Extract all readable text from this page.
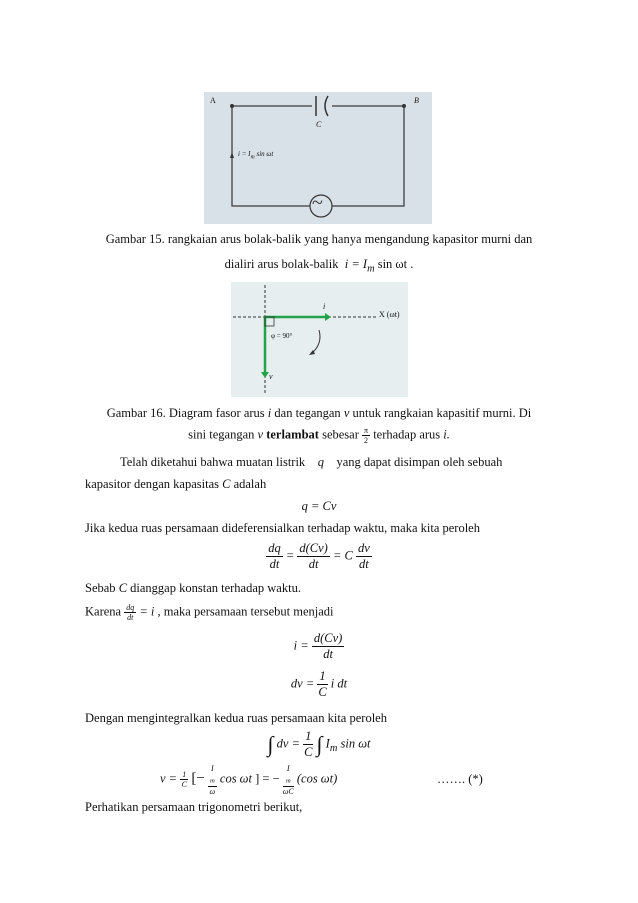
A	B
C
$i = I_m$ sin ωt
~
Gambar 15. rangkaian arus bolak-balik yang hanya mengandung kapasitor murni dan
dialiri arus bolak-balik $i = I_m$ sin ωt .
X (ωt)
i
v
φ = 90°
Gambar 16. Diagram fasor arus i dan tegangan v untuk rangkaian kapasitif murni. Di
sini tegangan v terlambat sebesar $\frac{\pi}{2}$ terhadap arus i.
Telah diketahui bahwa muatan listrik q yang dapat disimpan oleh sebuah
kapasitor dengan kapasitas C adalah
q = Cv
Jika kedua ruas persamaan dideferensialkan terhadap waktu, maka kita peroleh
$\frac{dq}{dt} = \frac{d(Cv)}{dt} = C \frac{dv}{dt}$
Sebab C dianggap konstan terhadap waktu.
Karena $\frac{dq}{dt} = i$ , maka persamaan tersebut menjadi
$i = \frac{d(Cv)}{dt}$
dv = $\frac{1}{C}$ i dt
Dengan mengintegralkan kedua ruas persamaan kita peroleh
∫ dv = $\frac{1}{C}$ ∫ $I_m$ sin ωt
$v = \frac{1}{C}$ [− I
$_m$
ω cos ωt ] = − I
$_m$
ωC (cos ωt)	……. (*)
Perhatikan persamaan trigonometri berikut,
